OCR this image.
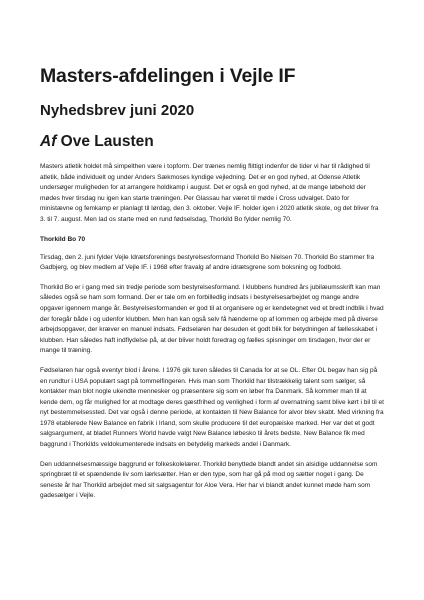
Masters-afdelingen i Vejle IF
Nyhedsbrev juni 2020
Af Ove Lausten

Masters atletik holdet må simpelthen være i topform. Der trænes nemlig flittigt indenfor de tider vi har til rådighed til atletik, både individuelt og under Anders Sækmoses kyndige vejledning. Det er en god nyhed, at Odense Atletik undersøger muligheden for at arrangere holdkamp i august. Det er også en god nyhed, at de mange løbehold der mødes hver tirsdag nu igen kan starte træningen. Per Glassau har været til møde i Cross udvalget. Dato for ministævne og femkamp er planlagt til lørdag, den 3. oktober. Vejle IF. holder igen i 2020 atletik skole, og det bliver fra 3. til 7. august. Men lad os starte med en rund fødselsdag, Thorkild Bo fylder nemlig 70.

Thorkild Bo 70

Tirsdag, den 2. juni fylder Vejle Idrætsforenings bestyrelsesformand Thorkild Bo Nielsen 70. Thorkild Bo stammer fra Gadbjerg, og blev medlem af Vejle IF. i 1968 efter fravalg af andre idrætsgrene som boksning og fodbold.

Thorkild Bo er i gang med sin tredje periode som bestyrelsesformand. I klubbens hundred års jubilæumsskrift kan man således også se ham som formand. Der er tale om en forbilledlig indsats i bestyrelsesarbejdet og mange andre opgaver igennem mange år. Bestyrelsesformanden er god til at organisere og er kendetegnet ved et bredt indblik i hvad der foregår både i og udenfor klubben. Men han kan også selv få hænderne op af lommen og arbejde med på diverse arbejdsopgaver, der kræver en manuel indsats. Fødselaren har desuden et godt blik for betydningen af fællesskabet i klubben. Han således haft indflydelse på, at der bliver holdt foredrag og fælles spisninger om tirsdagen, hvor der er mange til træning.

Fødselaren har også eventyr blod i årene. I 1976 gik turen således til Canada for at se OL. Efter OL begav han sig på en rundtur i USA populært sagt på tommelfingeren. Hvis man som Thorkild har tilstrækkelig talent som sælger, så kontakter man blot nogle ukendte mennesker og præsentere sig som en løber fra Danmark. Så kommer man til at kende dem, og får mulighed for at modtage deres gæstfrihed og venlighed i form af overnatning samt blive kørt i bil til et nyt bestemmelsessted. Det var også i denne periode, at kontakten til New Balance for alvor blev skabt. Med virkning fra 1978 etablerede New Balance en fabrik i Irland, som skulle producere til det europæiske marked. Her var det et godt salgsargument, at bladet Runners World havde valgt New Balance løbesko til årets bedste. New Balance fik med baggrund i Thorkilds veldokumenterede indsats en betydelig markeds andel i Danmark.

Den uddannelsesmæssige baggrund er folkeskolelærer. Thorkild benyttede blandt andet sin alsidige uddannelse som springbræt til et spændende liv som lærksætter. Han er den type, som har gå på mod og sætter noget i gang. De seneste år har Thorkild arbejdet med sit salgsagentur for Aloe Vera. Her har vi blandt andet kunnet møde ham som gadesælger i Vejle.
